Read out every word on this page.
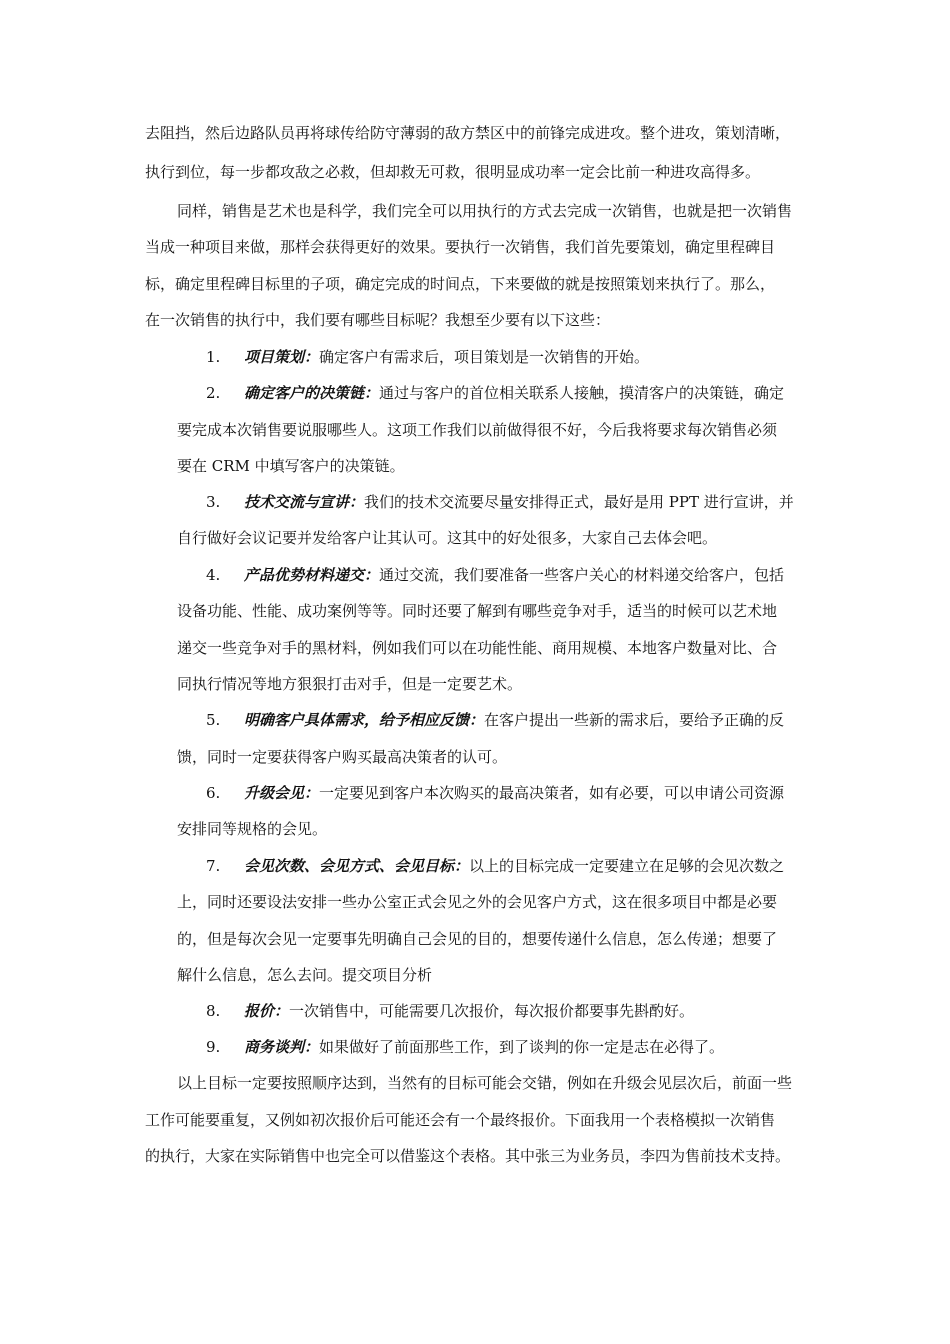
去阻挡，然后边路队员再将球传给防守薄弱的敌方禁区中的前锋完成进攻。整个进攻，策划清晰，
执行到位，每一步都攻敌之必救，但却救无可救，很明显成功率一定会比前一种进攻高得多。
同样，销售是艺术也是科学，我们完全可以用执行的方式去完成一次销售，也就是把一次销售
当成一种项目来做，那样会获得更好的效果。要执行一次销售，我们首先要策划，确定里程碑目
标，确定里程碑目标里的子项，确定完成的时间点，下来要做的就是按照策划来执行了。那么，
在一次销售的执行中，我们要有哪些目标呢？我想至少要有以下这些：
1. 项目策划：确定客户有需求后，项目策划是一次销售的开始。
2. 确定客户的决策链：通过与客户的首位相关联系人接触，摸清客户的决策链，确定
要完成本次销售要说服哪些人。这项工作我们以前做得很不好，今后我将要求每次销售必须
要在 CRM 中填写客户的决策链。
3. 技术交流与宣讲：我们的技术交流要尽量安排得正式，最好是用 PPT 进行宣讲，并
自行做好会议记要并发给客户让其认可。这其中的好处很多，大家自己去体会吧。
4. 产品优势材料递交：通过交流，我们要准备一些客户关心的材料递交给客户，包括
设备功能、性能、成功案例等等。同时还要了解到有哪些竞争对手，适当的时候可以艺术地
递交一些竞争对手的黑材料，例如我们可以在功能性能、商用规模、本地客户数量对比、合
同执行情况等地方狠狠打击对手，但是一定要艺术。
5. 明确客户具体需求，给予相应反馈：在客户提出一些新的需求后，要给予正确的反
馈，同时一定要获得客户购买最高决策者的认可。
6. 升级会见：一定要见到客户本次购买的最高决策者，如有必要，可以申请公司资源
安排同等规格的会见。
7. 会见次数、会见方式、会见目标：以上的目标完成一定要建立在足够的会见次数之
上，同时还要设法安排一些办公室正式会见之外的会见客户方式，这在很多项目中都是必要
的，但是每次会见一定要事先明确自己会见的目的，想要传递什么信息，怎么传递；想要了
解什么信息，怎么去问。提交项目分析
8. 报价：一次销售中，可能需要几次报价，每次报价都要事先斟酌好。
9. 商务谈判：如果做好了前面那些工作，到了谈判的你一定是志在必得了。
以上目标一定要按照顺序达到，当然有的目标可能会交错，例如在升级会见层次后，前面一些
工作可能要重复，又例如初次报价后可能还会有一个最终报价。下面我用一个表格模拟一次销售
的执行，大家在实际销售中也完全可以借鉴这个表格。其中张三为业务员，李四为售前技术支持。
